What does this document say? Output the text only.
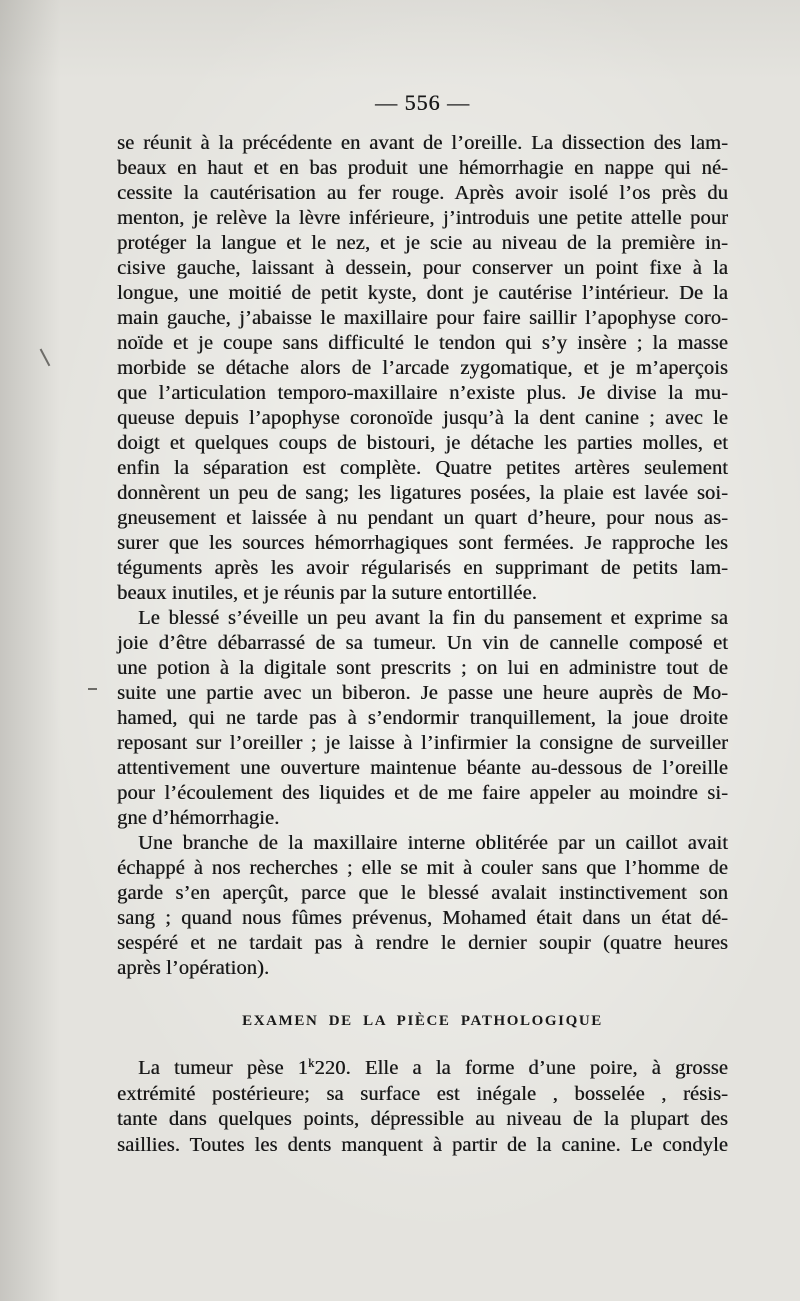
— 556 —
se réunit à la précédente en avant de l’oreille. La dissection des lam-
beaux en haut et en bas produit une hémorrhagie en nappe qui né-
cessite la cautérisation au fer rouge. Après avoir isolé l’os près du
menton, je relève la lèvre inférieure, j’introduis une petite attelle pour
protéger la langue et le nez, et je scie au niveau de la première in-
cisive gauche, laissant à dessein, pour conserver un point fixe à la
longue, une moitié de petit kyste, dont je cautérise l’intérieur. De la
main gauche, j’abaisse le maxillaire pour faire saillir l’apophyse coro-
noïde et je coupe sans difficulté le tendon qui s’y insère ; la masse
morbide se détache alors de l’arcade zygomatique, et je m’aperçois
que l’articulation temporo-maxillaire n’existe plus. Je divise la mu-
queuse depuis l’apophyse coronoïde jusqu’à la dent canine ; avec le
doigt et quelques coups de bistouri, je détache les parties molles, et
enfin la séparation est complète. Quatre petites artères seulement
donnèrent un peu de sang; les ligatures posées, la plaie est lavée soi-
gneusement et laissée à nu pendant un quart d’heure, pour nous as-
surer que les sources hémorrhagiques sont fermées. Je rapproche les
téguments après les avoir régularisés en supprimant de petits lam-
beaux inutiles, et je réunis par la suture entortillée.
Le blessé s’éveille un peu avant la fin du pansement et exprime sa
joie d’être débarrassé de sa tumeur. Un vin de cannelle composé et
une potion à la digitale sont prescrits ; on lui en administre tout de
suite une partie avec un biberon. Je passe une heure auprès de Mo-
hamed, qui ne tarde pas à s’endormir tranquillement, la joue droite
reposant sur l’oreiller ; je laisse à l’infirmier la consigne de surveiller
attentivement une ouverture maintenue béante au-dessous de l’oreille
pour l’écoulement des liquides et de me faire appeler au moindre si-
gne d’hémorrhagie.
Une branche de la maxillaire interne oblitérée par un caillot avait
échappé à nos recherches ; elle se mit à couler sans que l’homme de
garde s’en aperçût, parce que le blessé avalait instinctivement son
sang ; quand nous fûmes prévenus, Mohamed était dans un état dé-
sespéré et ne tardait pas à rendre le dernier soupir (quatre heures
après l’opération).
EXAMEN DE LA PIÈCE PATHOLOGIQUE
La tumeur pèse 1$^k$220. Elle a la forme d’une poire, à grosse
extrémité postérieure; sa surface est inégale , bosselée , résis-
tante dans quelques points, dépressible au niveau de la plupart des
saillies. Toutes les dents manquent à partir de la canine. Le condyle
